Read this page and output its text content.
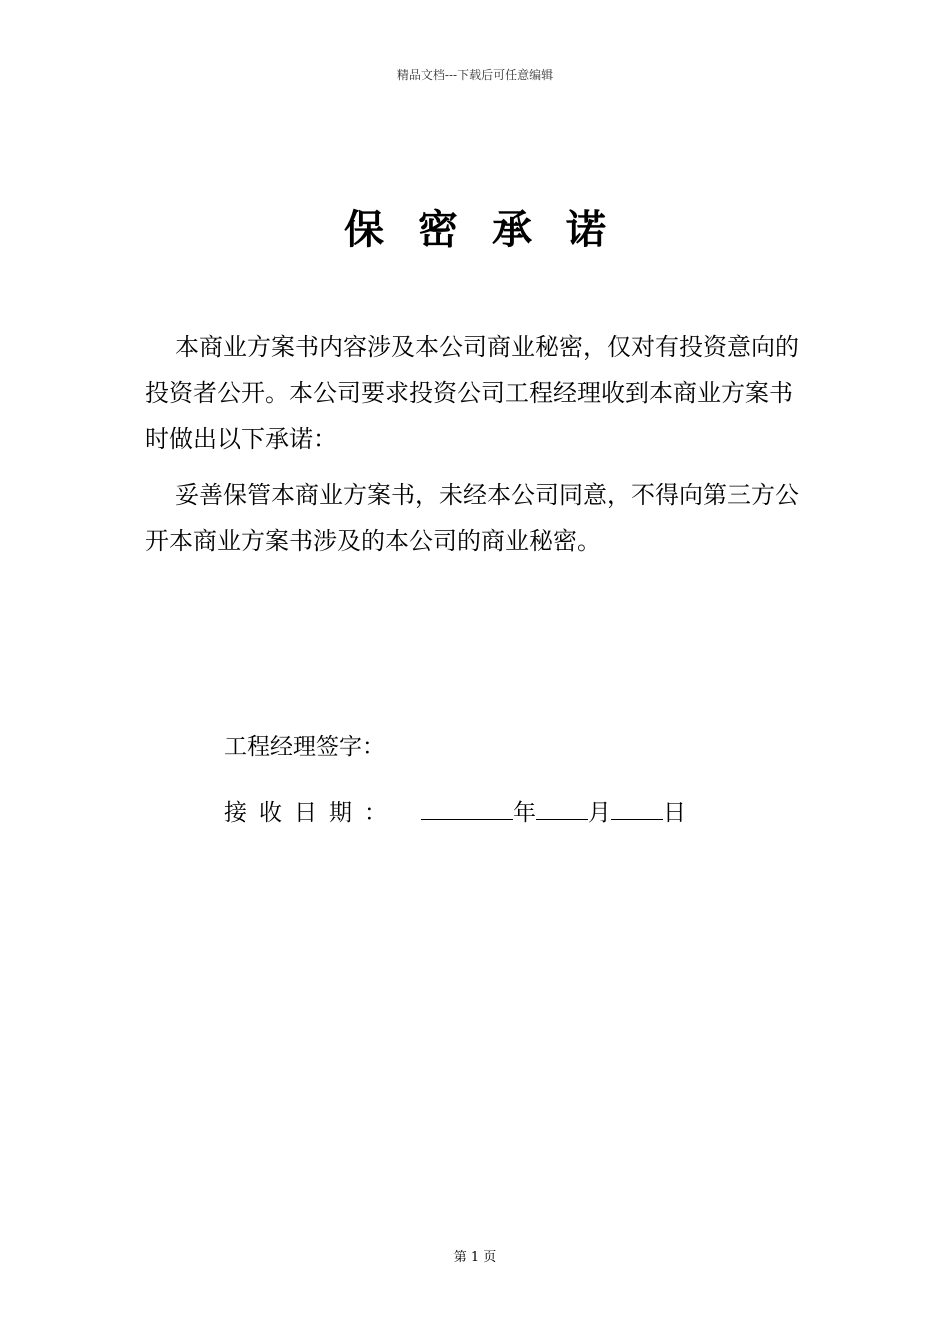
精品文档---下载后可任意编辑
保密承诺

本商业方案书内容涉及本公司商业秘密，仅对有投资意向的投资者公开。本公司要求投资公司工程经理收到本商业方案书时做出以下承诺：

妥善保管本商业方案书，未经本公司同意，不得向第三方公开本商业方案书涉及的本公司的商业秘密。

工程经理签字：
接收日期：	年 月 日
第 1 页
